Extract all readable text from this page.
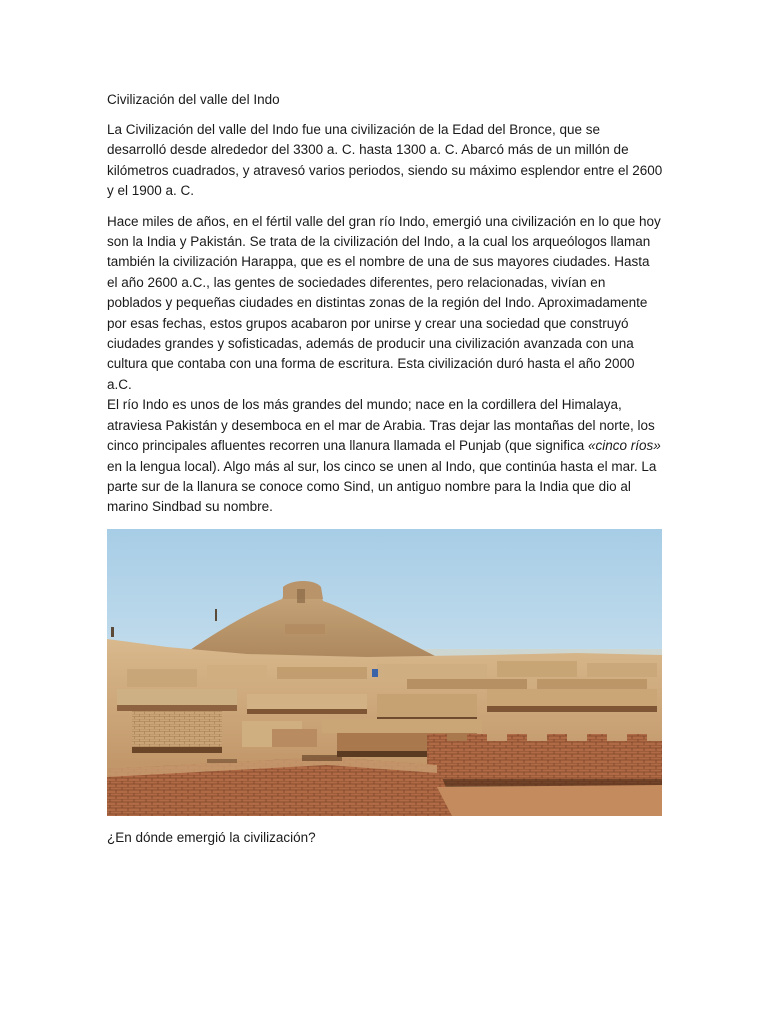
Civilización del valle del Indo

La Civilización del valle del Indo fue una civilización de la Edad del Bronce, que se desarrolló desde alrededor del 3300 a. C. hasta 1300 a. C. Abarcó más de un millón de kilómetros cuadrados, y atravesó varios periodos, siendo su máximo esplendor entre el 2600 y el 1900 a. C.

Hace miles de años, en el fértil valle del gran río Indo, emergió una civilización en lo que hoy son la India y Pakistán. Se trata de la civilización del Indo, a la cual los arqueólogos llaman también la civilización Harappa, que es el nombre de una de sus mayores ciudades. Hasta el año 2600 a.C., las gentes de sociedades diferentes, pero relacionadas, vivían en poblados y pequeñas ciudades en distintas zonas de la región del Indo. Aproximadamente por esas fechas, estos grupos acabaron por unirse y crear una sociedad que construyó ciudades grandes y sofisticadas, además de producir una civilización avanzada con una cultura que contaba con una forma de escritura. Esta civilización duró hasta el año 2000 a.C.

El río Indo es unos de los más grandes del mundo; nace en la cordillera del Himalaya, atraviesa Pakistán y desemboca en el mar de Arabia. Tras dejar las montañas del norte, los cinco principales afluentes recorren una llanura llamada el Punjab (que significa «cinco ríos» en la lengua local). Algo más al sur, los cinco se unen al Indo, que continúa hasta el mar. La parte sur de la llanura se conoce como Sind, un antiguo nombre para la India que dio al marino Sindbad su nombre.

¿En dónde emergió la civilización?
